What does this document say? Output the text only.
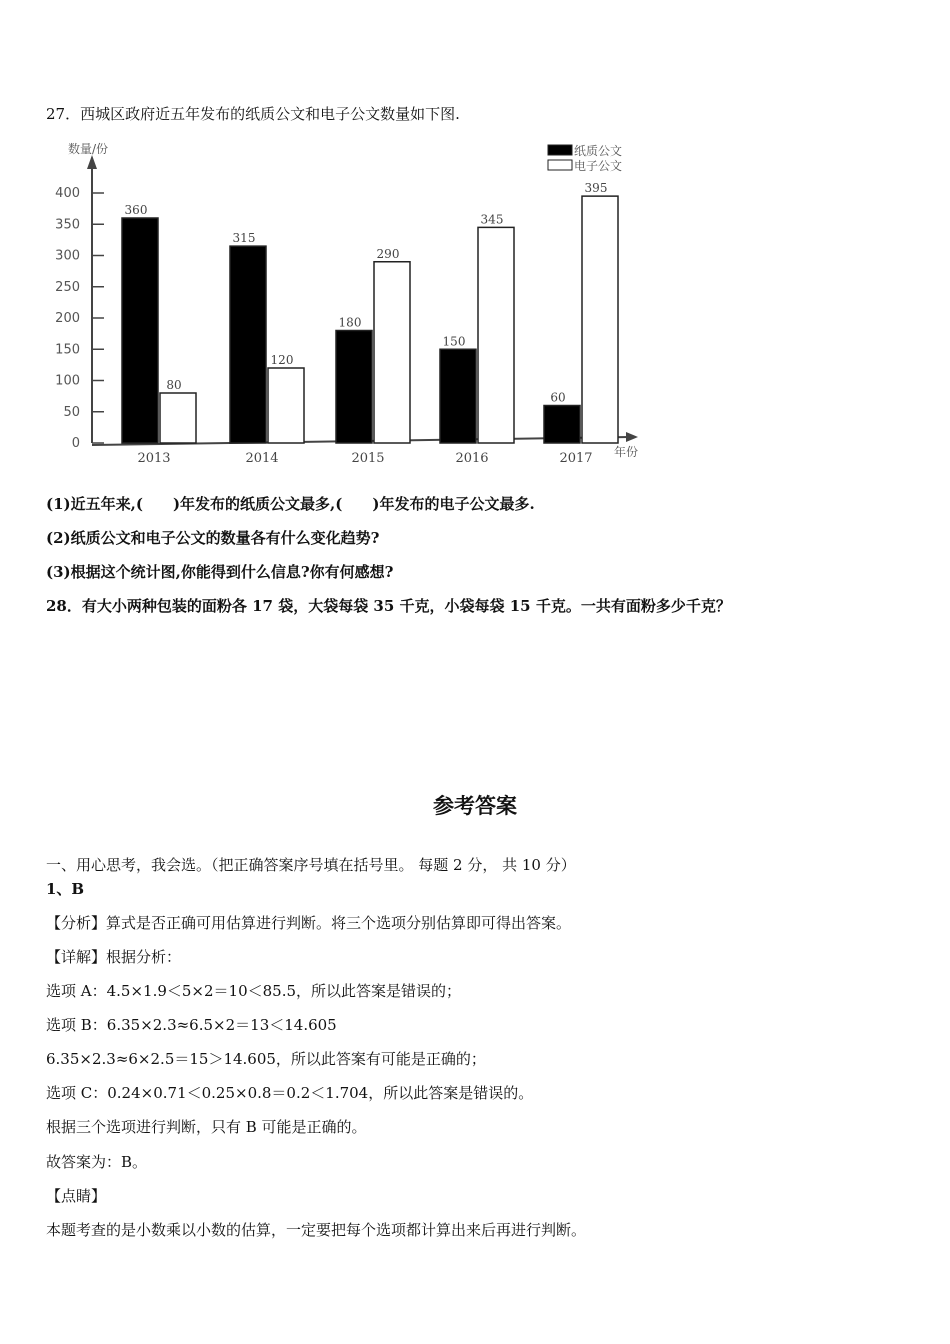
27．西城区政府近五年发布的纸质公文和电子公文数量如下图.
数量/份
年份
0
50
100
150
200
250
300
350
400
360
80
2013
315
120
2014
180
290
2015
150
345
2016
60
395
2017
纸质公文
电子公文
(1)近五年来,(　　)年发布的纸质公文最多,(　　)年发布的电子公文最多.
(2)纸质公文和电子公文的数量各有什么变化趋势?
(3)根据这个统计图,你能得到什么信息?你有何感想?
28．有大小两种包装的面粉各 17 袋，大袋每袋 35 千克，小袋每袋 15 千克。一共有面粉多少千克？
参考答案
一、用心思考，我会选。（把正确答案序号填在括号里。 每题 2 分， 共 10 分）
1、B
【分析】算式是否正确可用估算进行判断。将三个选项分别估算即可得出答案。
【详解】根据分析：
选项 A：4.5×1.9＜5×2＝10＜85.5，所以此答案是错误的；
选项 B：6.35×2.3≈6.5×2＝13＜14.605
6.35×2.3≈6×2.5＝15＞14.605，所以此答案有可能是正确的；
选项 C：0.24×0.71＜0.25×0.8＝0.2＜1.704，所以此答案是错误的。
根据三个选项进行判断，只有 B 可能是正确的。
故答案为：B。
【点睛】
本题考查的是小数乘以小数的估算，一定要把每个选项都计算出来后再进行判断。
